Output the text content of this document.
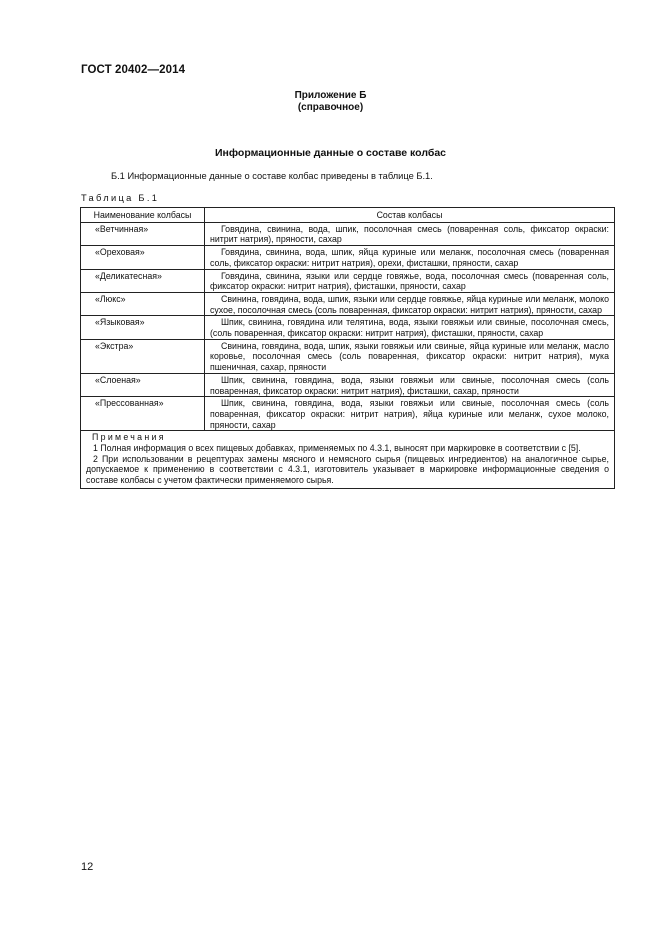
ГОСТ 20402—2014
Приложение Б
(справочное)
Информационные данные о составе колбас
Б.1 Информационные данные о составе колбас приведены в таблице Б.1.
Таблица Б.1
Наименование колбасы	Состав колбасы
«Ветчинная»	Говядина, свинина, вода, шпик, посолочная смесь (поваренная соль, фиксатор окраски: нитрит натрия), пряности, сахар
«Ореховая»	Говядина, свинина, вода, шпик, яйца куриные или меланж, посолочная смесь (поваренная соль, фиксатор окраски: нитрит натрия), орехи, фисташки, пряности, сахар
«Деликатесная»	Говядина, свинина, языки или сердце говяжье, вода, посолочная смесь (поваренная соль, фиксатор окраски: нитрит натрия), фисташки, пряности, сахар
«Люкс»	Свинина, говядина, вода, шпик, языки или сердце говяжье, яйца куриные или меланж, молоко сухое, посолочная смесь (соль поваренная, фиксатор окраски: нитрит натрия), пряности, сахар
«Языковая»	Шпик, свинина, говядина или телятина, вода, языки говяжьи или свиные, посолочная смесь, (соль поваренная, фиксатор окраски: нитрит натрия), фисташки, пряности, сахар
«Экстра»	Свинина, говядина, вода, шпик, языки говяжьи или свиные, яйца куриные или меланж, масло коровье, посолочная смесь (соль поваренная, фиксатор окраски: нитрит натрия), мука пшеничная, сахар, пряности
«Слоеная»	Шпик, свинина, говядина, вода, языки говяжьи или свиные, посолочная смесь (соль поваренная, фиксатор окраски: нитрит натрия), фисташки, сахар, пряности
«Прессованная»	Шпик, свинина, говядина, вода, языки говяжьи или свиные, посолочная смесь (соль поваренная, фиксатор окраски: нитрит натрия), яйца куриные или меланж, сухое молоко, пряности, сахар

Примечания
1 Полная информация о всех пищевых добавках, применяемых по 4.3.1, выносят при маркировке в соответствии с [5].
2 При использовании в рецептурах замены мясного и немясного сырья (пищевых ингредиентов) на аналогичное сырье, допускаемое к применению в соответствии с 4.3.1, изготовитель указывает в маркировке информационные сведения о составе колбасы с учетом фактически применяемого сырья.	
12
